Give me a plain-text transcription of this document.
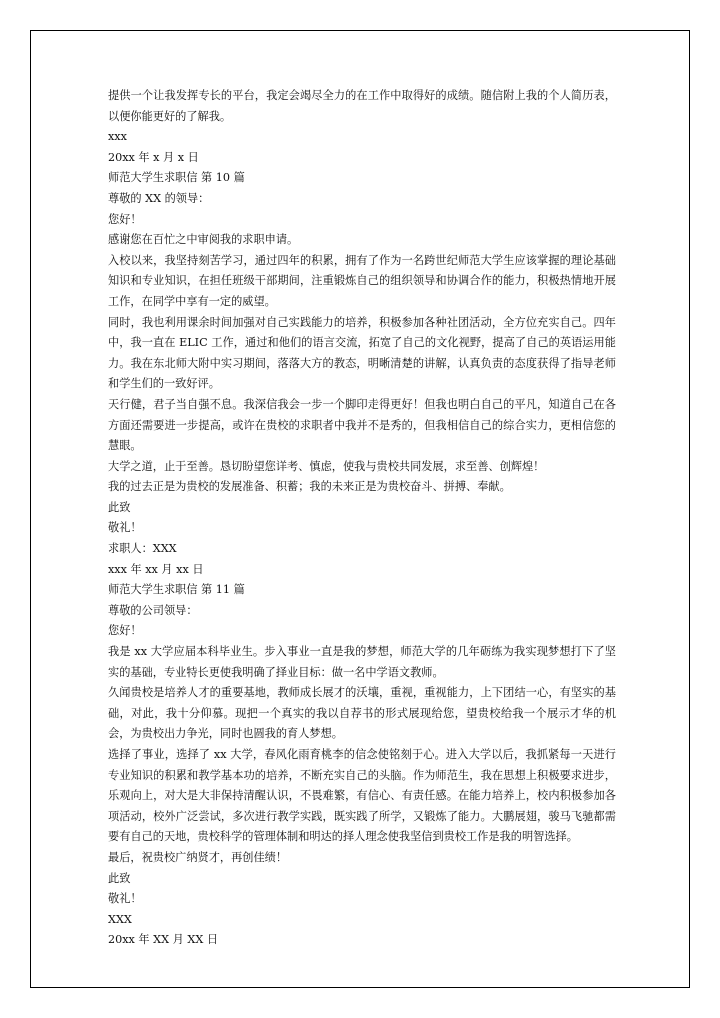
提供一个让我发挥专长的平台，我定会竭尽全力的在工作中取得好的成绩。随信附上我的个人简历表，以便你能更好的了解我。

xxx

20xx 年 x 月 x 日

师范大学生求职信 第 10 篇

尊敬的 XX 的领导：

您好！

感谢您在百忙之中审阅我的求职申请。

入校以来，我坚持刻苦学习，通过四年的积累，拥有了作为一名跨世纪师范大学生应该掌握的理论基础知识和专业知识，在担任班级干部期间，注重锻炼自己的组织领导和协调合作的能力，积极热情地开展工作，在同学中享有一定的威望。

同时，我也利用课余时间加强对自己实践能力的培养，积极参加各种社团活动，全方位充实自己。四年中，我一直在 ELIC 工作，通过和他们的语言交流，拓宽了自己的文化视野，提高了自己的英语运用能力。我在东北师大附中实习期间，落落大方的教态，明晰清楚的讲解，认真负责的态度获得了指导老师和学生们的一致好评。

天行健，君子当自强不息。我深信我会一步一个脚印走得更好！但我也明白自己的平凡，知道自己在各方面还需要进一步提高，或许在贵校的求职者中我并不是秀的，但我相信自己的综合实力，更相信您的慧眼。

大学之道，止于至善。恳切盼望您详考、慎虑，使我与贵校共同发展，求至善、创辉煌！

我的过去正是为贵校的发展准备、积蓄；我的未来正是为贵校奋斗、拼搏、奉献。

此致

敬礼！

求职人：XXX

xxx 年 xx 月 xx 日

师范大学生求职信 第 11 篇

尊敬的公司领导：

您好！

我是 xx 大学应届本科毕业生。步入事业一直是我的梦想，师范大学的几年砺练为我实现梦想打下了坚实的基础，专业特长更使我明确了择业目标：做一名中学语文教师。

久闻贵校是培养人才的重要基地，教师成长展才的沃壤，重视，重视能力，上下团结一心，有坚实的基础，对此，我十分仰慕。现把一个真实的我以自荐书的形式展现给您，望贵校给我一个展示才华的机会，为贵校出力争光，同时也圆我的育人梦想。

选择了事业，选择了 xx 大学，春风化雨育桃李的信念使铭刻于心。进入大学以后，我抓紧每一天进行专业知识的积累和教学基本功的培养，不断充实自己的头脑。作为师范生，我在思想上积极要求进步，乐观向上，对大是大非保持清醒认识，不畏难繁，有信心、有责任感。在能力培养上，校内积极参加各项活动，校外广泛尝试，多次进行教学实践，既实践了所学，又锻炼了能力。大鹏展翅，骏马飞驰都需要有自己的天地，贵校科学的管理体制和明达的择人理念使我坚信到贵校工作是我的明智选择。

最后，祝贵校广纳贤才，再创佳绩！

此致

敬礼！

XXX

20xx 年 XX 月 XX 日
